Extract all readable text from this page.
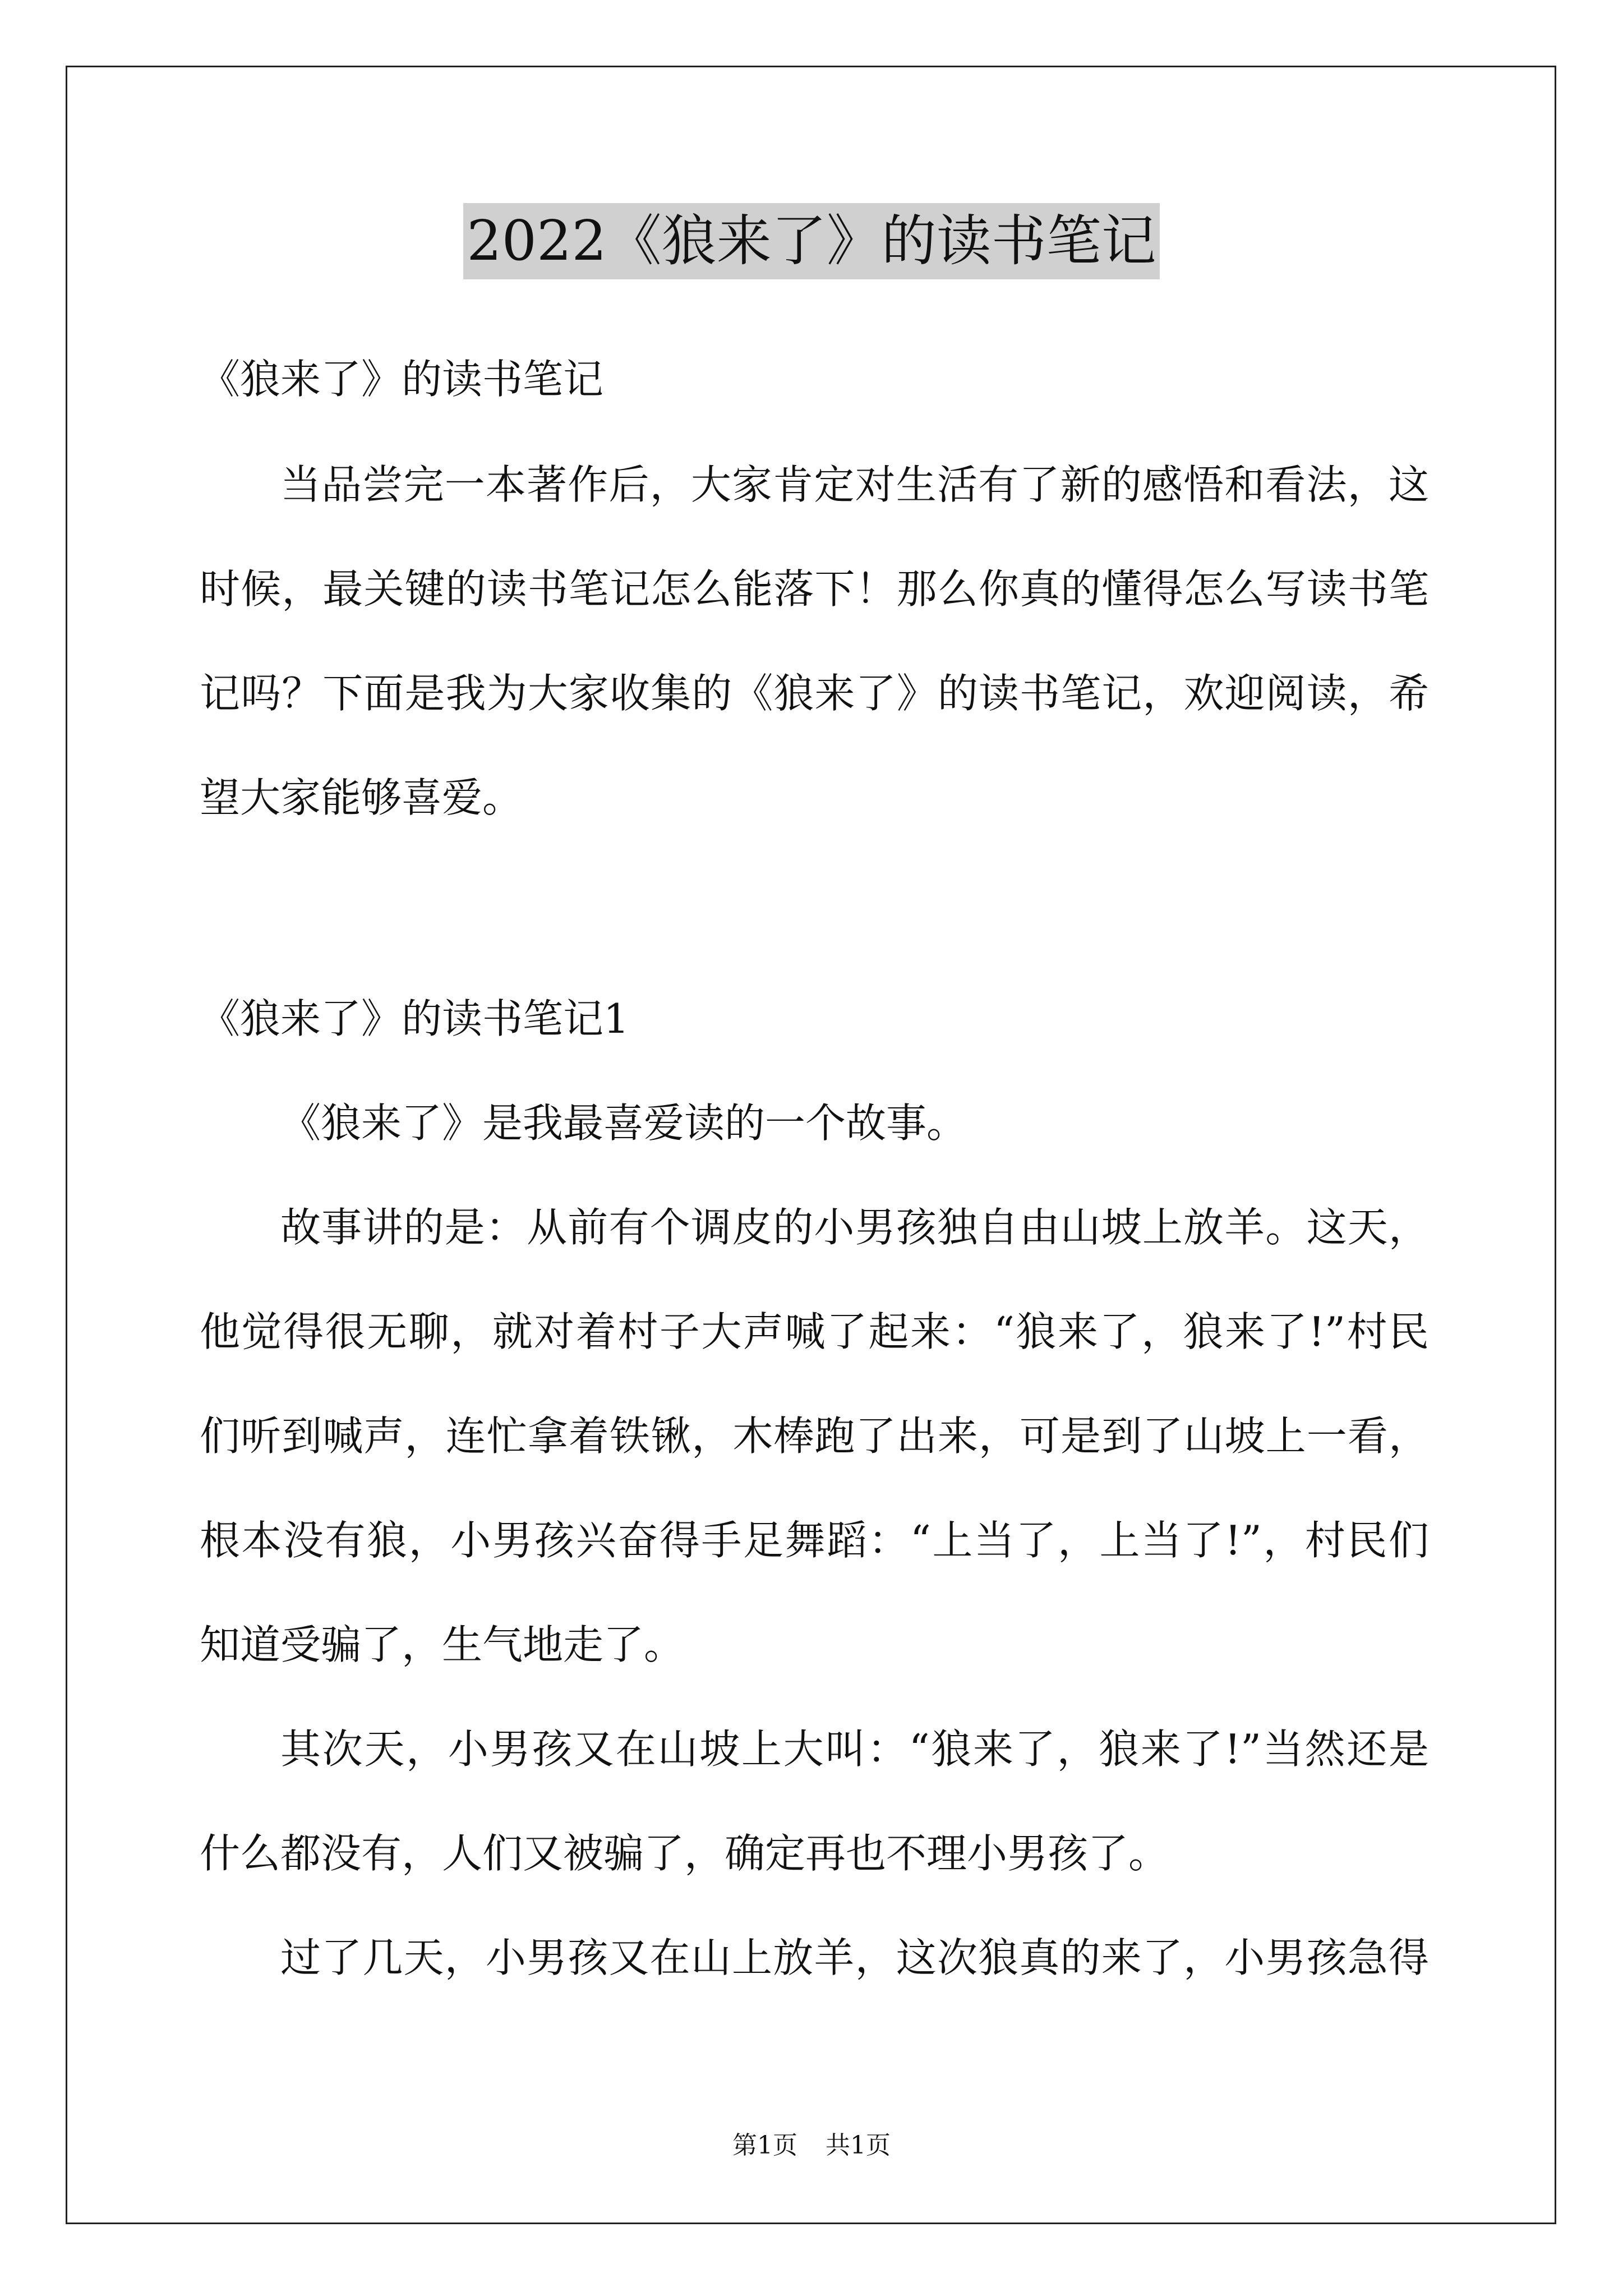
2022《狼来了》的读书笔记
《狼来了》的读书笔记
当品尝完一本著作后，大家肯定对生活有了新的感悟和看法，这
时候，最关键的读书笔记怎么能落下！那么你真的懂得怎么写读书笔
记吗？下面是我为大家收集的《狼来了》的读书笔记，欢迎阅读，希
望大家能够喜爱。
《狼来了》的读书笔记1
《狼来了》是我最喜爱读的一个故事。
故事讲的是：从前有个调皮的小男孩独自由山坡上放羊。这天，
他觉得很无聊，就对着村子大声喊了起来：“狼来了，狼来了!”村民
们听到喊声，连忙拿着铁锹，木棒跑了出来，可是到了山坡上一看，
根本没有狼，小男孩兴奋得手足舞蹈：“上当了，上当了!”，村民们
知道受骗了，生气地走了。
其次天，小男孩又在山坡上大叫：“狼来了，狼来了!”当然还是
什么都没有，人们又被骗了，确定再也不理小男孩了。
过了几天，小男孩又在山上放羊，这次狼真的来了，小男孩急得
第1页 共1页
